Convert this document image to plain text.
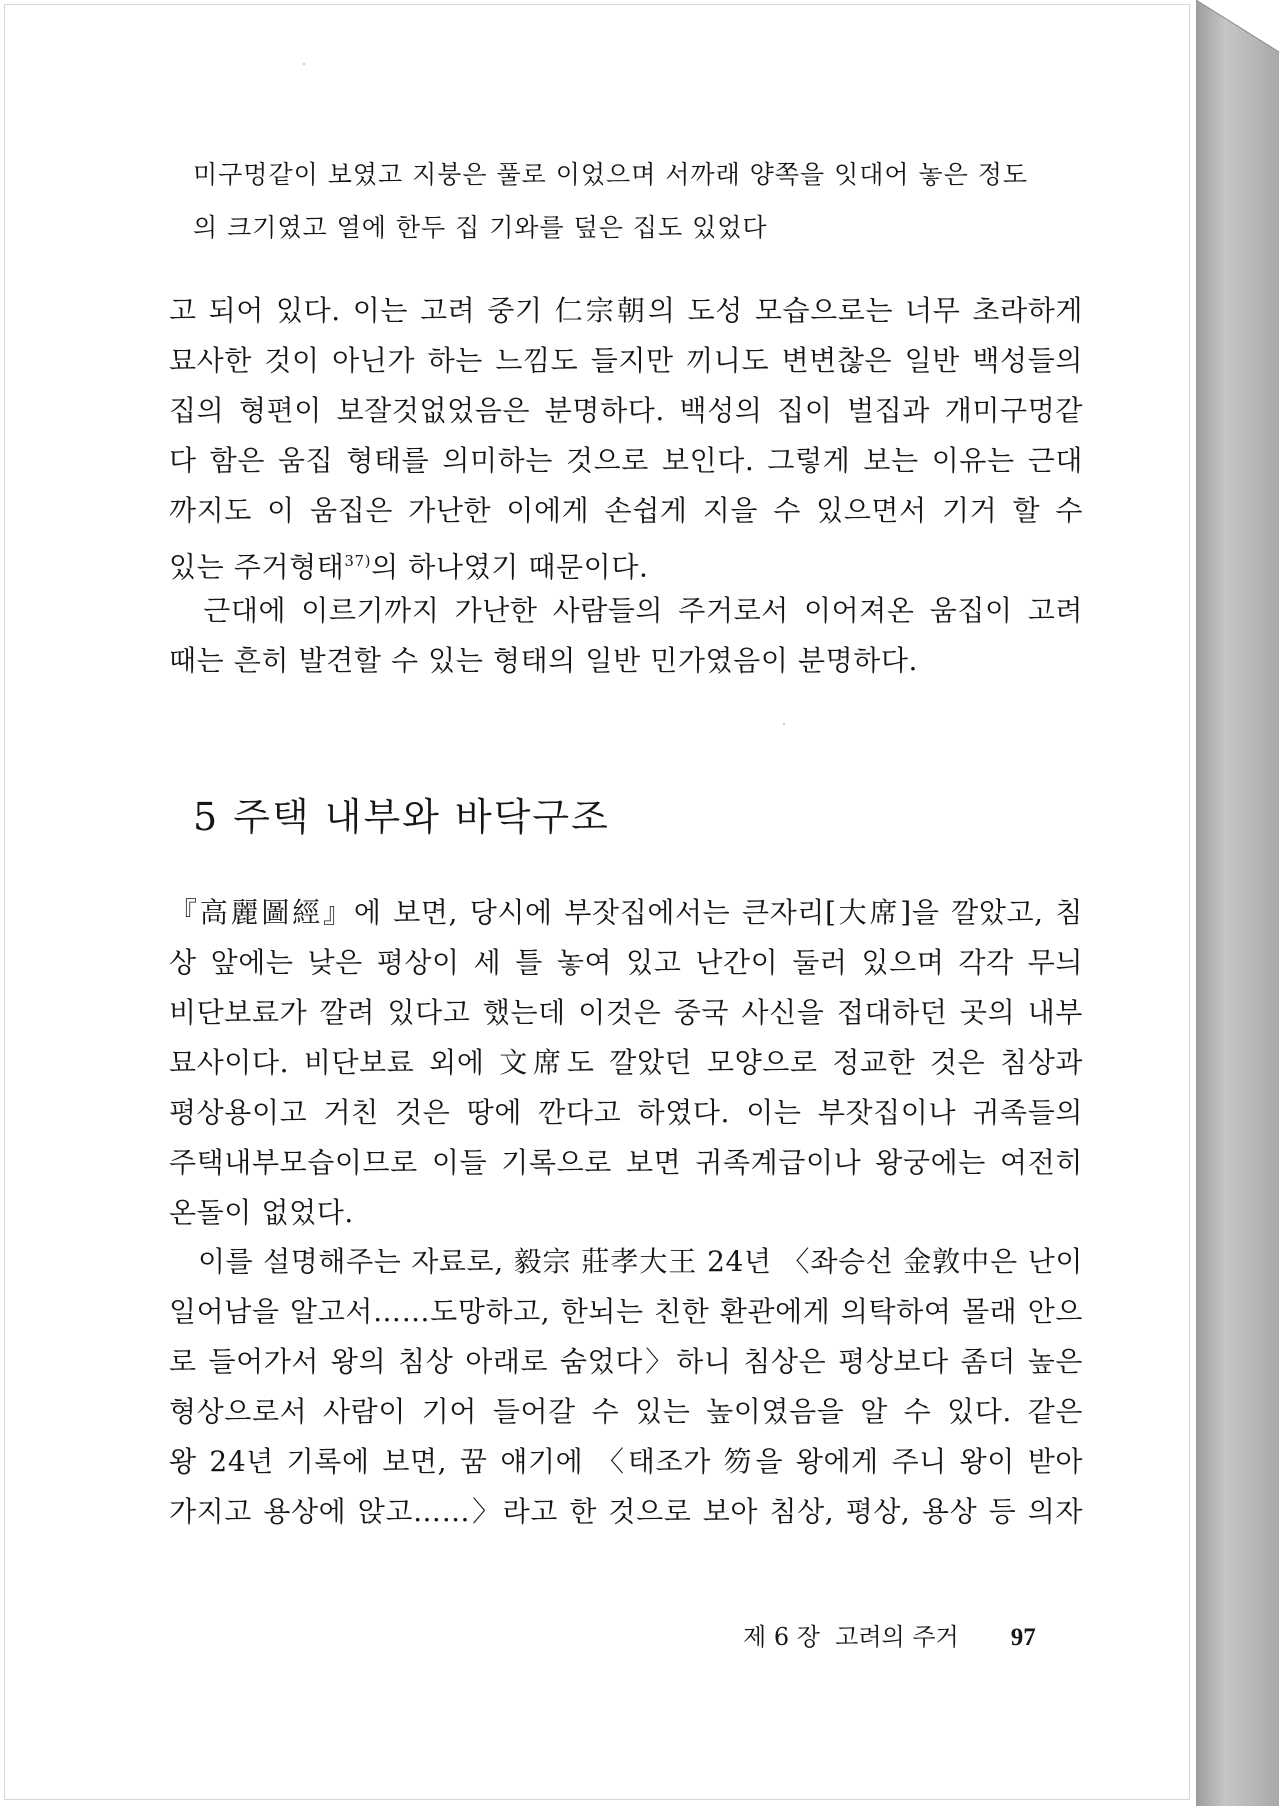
미구멍같이 보였고 지붕은 풀로 이었으며 서까래 양쪽을 잇대어 놓은 정도

의 크기였고 열에 한두 집 기와를 덮은 집도 있었다

고 되어 있다. 이는 고려 중기 仁宗朝의 도성 모습으로는 너무 초라하게
묘사한 것이 아닌가 하는 느낌도 들지만 끼니도 변변찮은 일반 백성들의
집의 형편이 보잘것없었음은 분명하다. 백성의 집이 벌집과 개미구멍같
다 함은 움집 형태를 의미하는 것으로 보인다. 그렇게 보는 이유는 근대
까지도 이 움집은 가난한 이에게 손쉽게 지을 수 있으면서 기거 할 수
있는 주거형태$^{37)}$의 하나였기 때문이다.
　근대에 이르기까지 가난한 사람들의 주거로서 이어져온 움집이 고려
때는 흔히 발견할 수 있는 형태의 일반 민가였음이 분명하다.
5 주택 내부와 바닥구조
『高麗圖經』에 보면, 당시에 부잣집에서는 큰자리[大席]을 깔았고, 침
상 앞에는 낮은 평상이 세 틀 놓여 있고 난간이 둘러 있으며 각각 무늬
비단보료가 깔려 있다고 했는데 이것은 중국 사신을 접대하던 곳의 내부
묘사이다. 비단보료 외에 文席도 깔았던 모양으로 정교한 것은 침상과
평상용이고 거친 것은 땅에 깐다고 하였다. 이는 부잣집이나 귀족들의
주택내부모습이므로 이들 기록으로 보면 귀족계급이나 왕궁에는 여전히
온돌이 없었다.
　이를 설명해주는 자료로, 毅宗 莊孝大王 24년 〈좌승선 金敦中은 난이
일어남을 알고서……도망하고, 한뇌는 친한 환관에게 의탁하여 몰래 안으
로 들어가서 왕의 침상 아래로 숨었다〉하니 침상은 평상보다 좀더 높은
형상으로서 사람이 기어 들어갈 수 있는 높이였음을 알 수 있다. 같은
왕 24년 기록에 보면, 꿈 얘기에 〈태조가 笏을 왕에게 주니 왕이 받아
가지고 용상에 앉고……〉라고 한 것으로 보아 침상, 평상, 용상 등 의자
제 6 장  고려의 주거 97
